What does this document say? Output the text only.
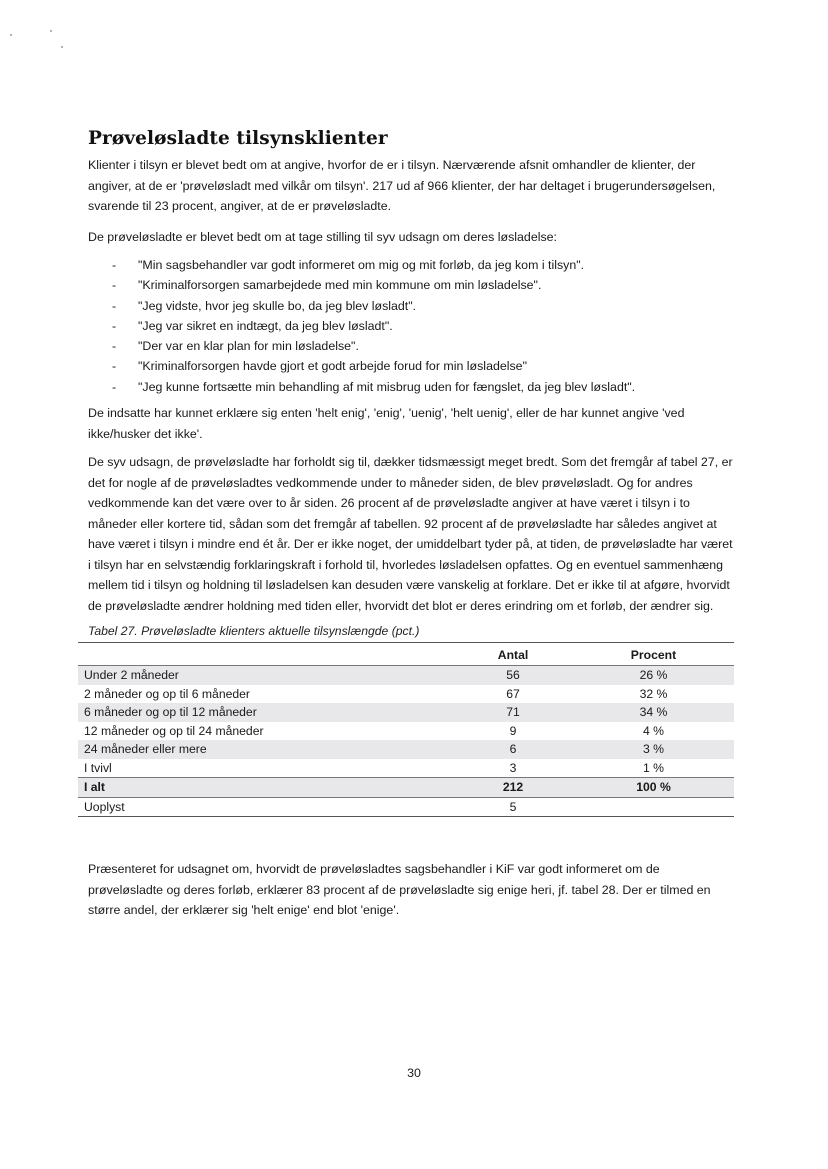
Prøveløsladte tilsynsklienter

Klienter i tilsyn er blevet bedt om at angive, hvorfor de er i tilsyn. Nærværende afsnit omhandler de klienter, der angiver, at de er 'prøveløsladt med vilkår om tilsyn'. 217 ud af 966 klienter, der har deltaget i brugerundersøgelsen, svarende til 23 procent, angiver, at de er prøveløsladte.

De prøveløsladte er blevet bedt om at tage stilling til syv udsagn om deres løsladelse:

- "Min sagsbehandler var godt informeret om mig og mit forløb, da jeg kom i tilsyn".
- "Kriminalforsorgen samarbejdede med min kommune om min løsladelse".
- "Jeg vidste, hvor jeg skulle bo, da jeg blev løsladt".
- "Jeg var sikret en indtægt, da jeg blev løsladt".
- "Der var en klar plan for min løsladelse".
- "Kriminalforsorgen havde gjort et godt arbejde forud for min løsladelse"
- "Jeg kunne fortsætte min behandling af mit misbrug uden for fængslet, da jeg blev løsladt".

De indsatte har kunnet erklære sig enten 'helt enig', 'enig', 'uenig', 'helt uenig', eller de har kunnet angive 'ved ikke/husker det ikke'.

De syv udsagn, de prøveløsladte har forholdt sig til, dækker tidsmæssigt meget bredt. Som det fremgår af tabel 27, er det for nogle af de prøveløsladtes vedkommende under to måneder siden, de blev prøveløsladt. Og for andres vedkommende kan det være over to år siden. 26 procent af de prøveløsladte angiver at have været i tilsyn i to måneder eller kortere tid, sådan som det fremgår af tabellen. 92 procent af de prøveløsladte har således angivet at have været i tilsyn i mindre end ét år. Der er ikke noget, der umiddelbart tyder på, at tiden, de prøveløsladte har været i tilsyn har en selvstændig forklaringskraft i forhold til, hvorledes løsladelsen opfattes. Og en eventuel sammenhæng mellem tid i tilsyn og holdning til løsladelsen kan desuden være vanskelig at forklare. Det er ikke til at afgøre, hvorvidt de prøveløsladte ændrer holdning med tiden eller, hvorvidt det blot er deres erindring om et forløb, der ændrer sig.

Tabel 27. Prøveløsladte klienters aktuelle tilsynslængde (pct.)
	Antal	Procent
Under 2 måneder	56	26 %
2 måneder og op til 6 måneder	67	32 %
6 måneder og op til 12 måneder	71	34 %
12 måneder og op til 24 måneder	9	4 %
24 måneder eller mere	6	3 %
I tvivl	3	1 %
I alt	212	100 %
Uoplyst	5	

Præsenteret for udsagnet om, hvorvidt de prøveløsladtes sagsbehandler i KiF var godt informeret om de prøveløsladte og deres forløb, erklærer 83 procent af de prøveløsladte sig enige heri, jf. tabel 28. Der er tilmed en større andel, der erklærer sig 'helt enige' end blot 'enige'.

30
